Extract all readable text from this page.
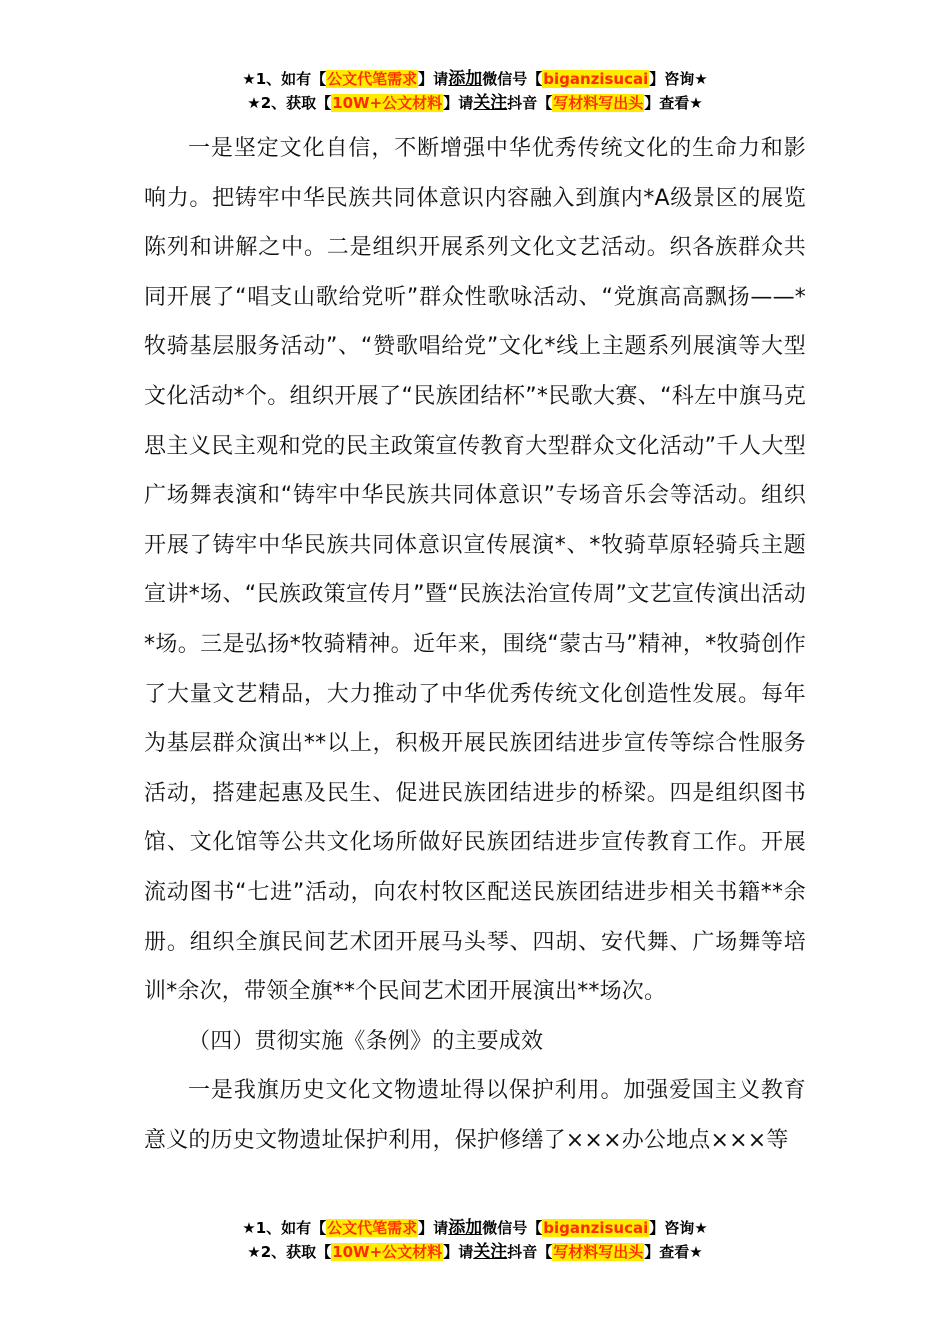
★1、如有【公文代笔需求】请添加微信号【biganzisucai】咨询★
★2、获取【10W+公文材料】请关注抖音【写材料写出头】查看★

一是坚定文化自信，不断增强中华优秀传统文化的生命力和影响力。把铸牢中华民族共同体意识内容融入到旗内*A级景区的展览陈列和讲解之中。二是组织开展系列文化文艺活动。织各族群众共同开展了“唱支山歌给党听”群众性歌咏活动、“党旗高高飘扬——*牧骑基层服务活动”、“赞歌唱给党”文化*线上主题系列展演等大型文化活动*个。组织开展了“民族团结杯”*民歌大赛、“科左中旗马克思主义民主观和党的民主政策宣传教育大型群众文化活动”千人大型广场舞表演和“铸牢中华民族共同体意识”专场音乐会等活动。组织开展了铸牢中华民族共同体意识宣传展演*、*牧骑草原轻骑兵主题宣讲*场、“民族政策宣传月”暨“民族法治宣传周”文艺宣传演出活动*场。三是弘扬*牧骑精神。近年来，围绕“蒙古马”精神，*牧骑创作了大量文艺精品，大力推动了中华优秀传统文化创造性发展。每年为基层群众演出**以上，积极开展民族团结进步宣传等综合性服务活动，搭建起惠及民生、促进民族团结进步的桥梁。四是组织图书馆、文化馆等公共文化场所做好民族团结进步宣传教育工作。开展流动图书“七进”活动，向农村牧区配送民族团结进步相关书籍**余册。组织全旗民间艺术团开展马头琴、四胡、安代舞、广场舞等培训*余次，带领全旗**个民间艺术团开展演出**场次。

（四）贯彻实施《条例》的主要成效

一是我旗历史文化文物遗址得以保护利用。加强爱国主义教育意义的历史文物遗址保护利用，保护修缮了×××办公地点×××等

★1、如有【公文代笔需求】请添加微信号【biganzisucai】咨询★
★2、获取【10W+公文材料】请关注抖音【写材料写出头】查看★
